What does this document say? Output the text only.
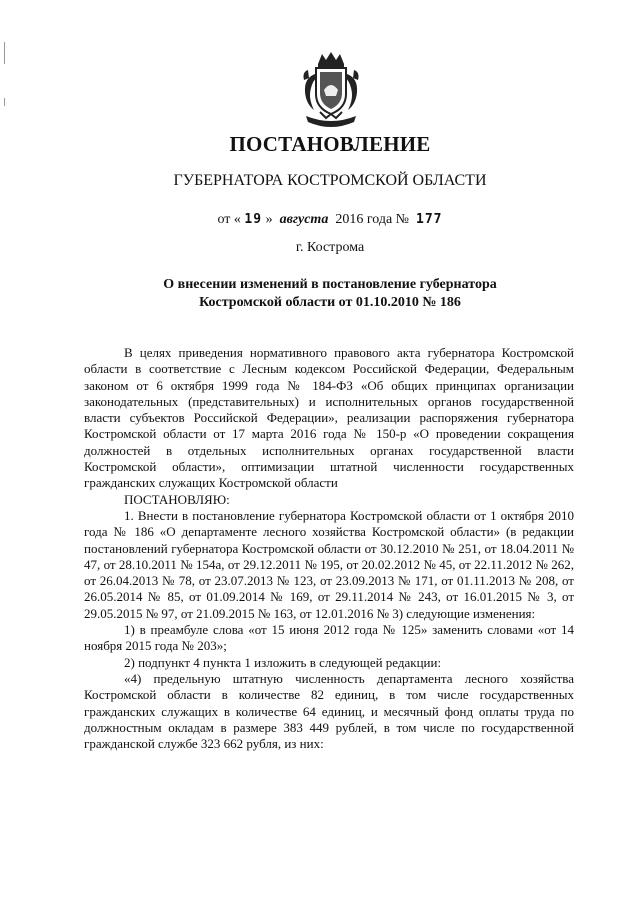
ПОСТАНОВЛЕНИЕ
ГУБЕРНАТОРА КОСТРОМСКОЙ ОБЛАСТИ
от « 19 » августа 2016 года № 177
г. Кострома
О внесении изменений в постановление губернатора
Костромской области от 01.10.2010 № 186

В целях приведения нормативного правового акта губернатора Костромской области в соответствие с Лесным кодексом Российской Федерации, Федеральным законом от 6 октября 1999 года № 184-ФЗ «Об общих принципах организации законодательных (представительных) и исполнительных органов государственной власти субъектов Российской Федерации», реализации распоряжения губернатора Костромской области от 17 марта 2016 года № 150-р «О проведении сокращения должностей в отдельных исполнительных органах государственной власти Костромской области», оптимизации штатной численности государственных гражданских служащих Костромской области

ПОСТАНОВЛЯЮ:

1. Внести в постановление губернатора Костромской области от 1 октября 2010 года № 186 «О департаменте лесного хозяйства Костромской области» (в редакции постановлений губернатора Костромской области от 30.12.2010 № 251, от 18.04.2011 № 47, от 28.10.2011 № 154а, от 29.12.2011 № 195, от 20.02.2012 № 45, от 22.11.2012 № 262, от 26.04.2013 № 78, от 23.07.2013 № 123, от 23.09.2013 № 171, от 01.11.2013 № 208, от 26.05.2014 № 85, от 01.09.2014 № 169, от 29.11.2014 № 243, от 16.01.2015 № 3, от 29.05.2015 № 97, от 21.09.2015 № 163, от 12.01.2016 № 3) следующие изменения:

1) в преамбуле слова «от 15 июня 2012 года № 125» заменить словами «от 14 ноября 2015 года № 203»;

2) подпункт 4 пункта 1 изложить в следующей редакции:

«4) предельную штатную численность департамента лесного хозяйства Костромской области в количестве 82 единиц, в том числе государственных гражданских служащих в количестве 64 единиц, и месячный фонд оплаты труда по должностным окладам в размере 383 449 рублей, в том числе по государственной гражданской службе 323 662 рубля, из них:
